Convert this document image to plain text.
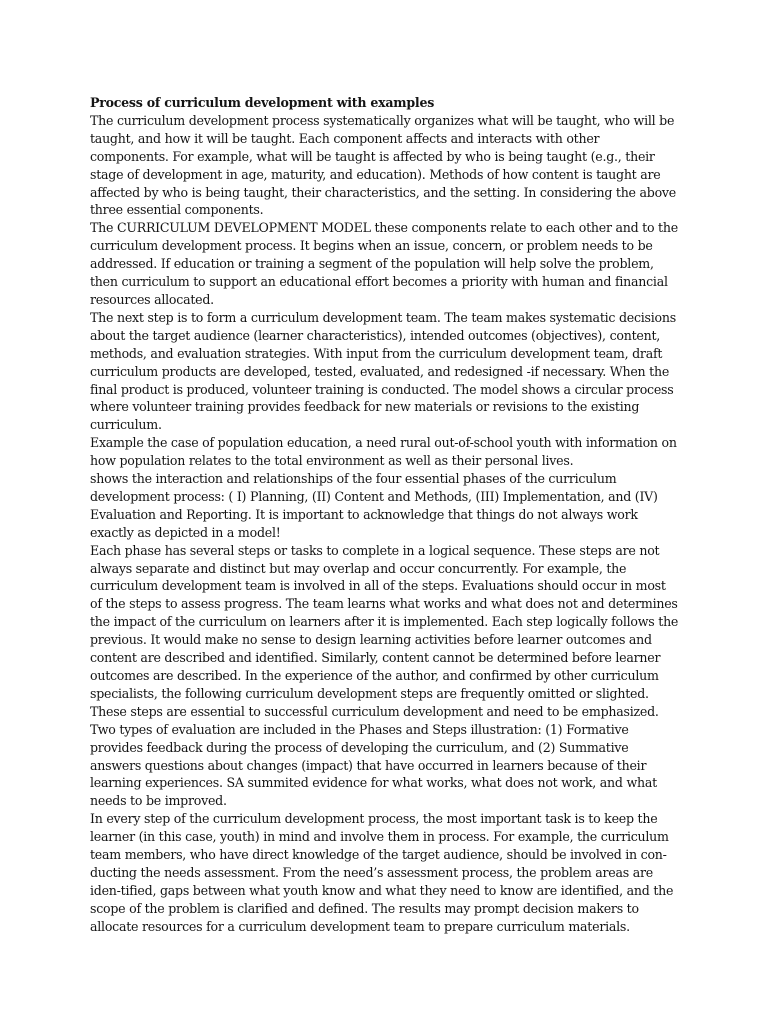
Process of curriculum development with examples

The curriculum development process systematically organizes what will be taught, who will be taught, and how it will be taught. Each component affects and interacts with other components. For example, what will be taught is affected by who is being taught (e.g., their stage of development in age, maturity, and education). Methods of how content is taught are affected by who is being taught, their characteristics, and the setting. In considering the above three essential components.

The CURRICULUM DEVELOPMENT MODEL these components relate to each other and to the curriculum development process. It begins when an issue, concern, or problem needs to be addressed. If education or training a segment of the population will help solve the problem, then curriculum to support an educational effort becomes a priority with human and financial resources allocated.

The next step is to form a curriculum development team. The team makes systematic decisions about the target audience (learner characteristics), intended outcomes (objectives), content, methods, and evaluation strategies. With input from the curriculum development team, draft curriculum products are developed, tested, evaluated, and redesigned -if necessary. When the final product is produced, volunteer training is conducted. The model shows a circular process where volunteer training provides feedback for new materials or revisions to the existing curriculum.

Example the case of population education, a need rural out-of-school youth with information on how population relates to the total environment as well as their personal lives.

shows the interaction and relationships of the four essential phases of the curriculum development process: ( I) Planning, (II) Content and Methods, (III) Implementation, and (IV) Evaluation and Reporting. It is important to acknowledge that things do not always work exactly as depicted in a model!

Each phase has several steps or tasks to complete in a logical sequence. These steps are not always separate and distinct but may overlap and occur concurrently. For example, the curriculum development team is involved in all of the steps. Evaluations should occur in most of the steps to assess progress. The team learns what works and what does not and determines the impact of the curriculum on learners after it is implemented. Each step logically follows the previous. It would make no sense to design learning activities before learner outcomes and content are described and identified. Similarly, content cannot be determined before learner outcomes are described. In the experience of the author, and confirmed by other curriculum specialists, the following curriculum development steps are frequently omitted or slighted. These steps are essential to successful curriculum development and need to be emphasized.

Two types of evaluation are included in the Phases and Steps illustration: (1) Formative provides feedback during the process of developing the curriculum, and (2) Summative answers questions about changes (impact) that have occurred in learners because of their learning experiences. SA summited evidence for what works, what does not work, and what needs to be improved.

In every step of the curriculum development process, the most important task is to keep the learner (in this case, youth) in mind and involve them in process. For example, the curriculum team members, who have direct knowledge of the target audience, should be involved in con-ducting the needs assessment. From the need’s assessment process, the problem areas are iden-tified, gaps between what youth know and what they need to know are identified, and the scope of the problem is clarified and defined. The results may prompt decision makers to allocate resources for a curriculum development team to prepare curriculum materials.
